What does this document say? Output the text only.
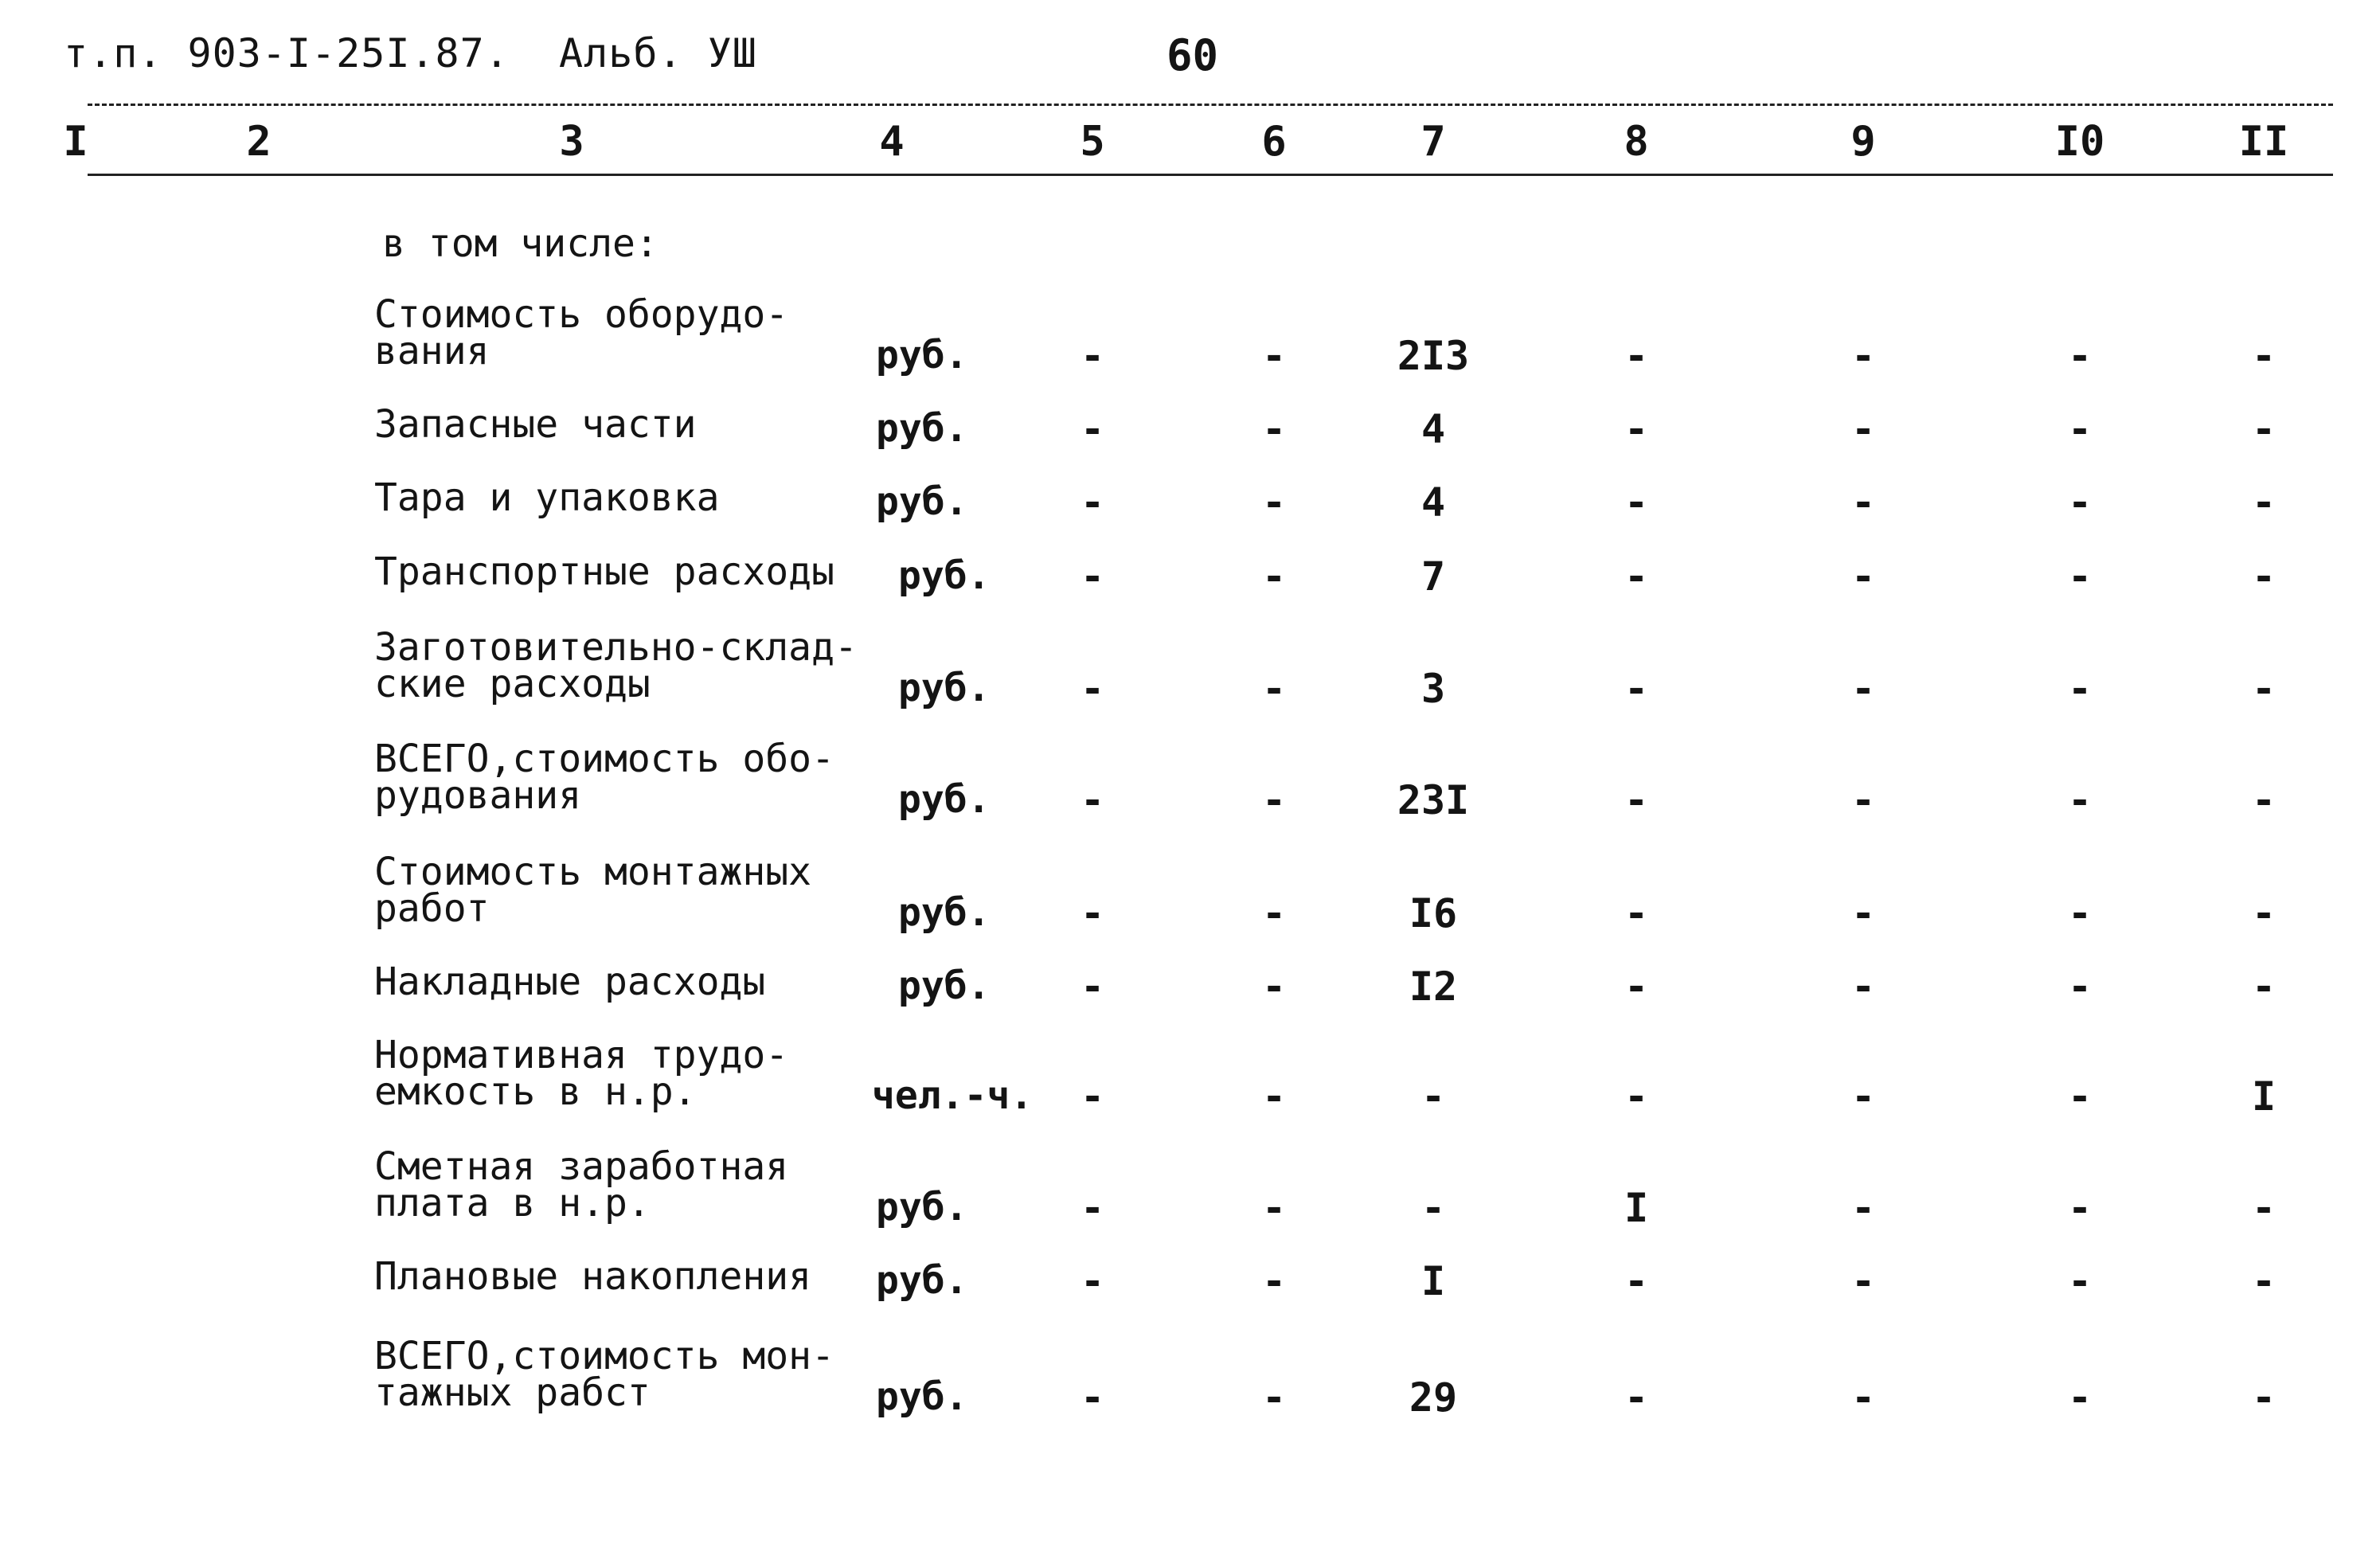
т.п. 903-I-25I.87.  Альб. УШ	60
I	2	3	4	5	6	7	8	9	I0	II
в том числе:
Стоимость оборудо-
вания	руб.	-	-	2I3	-	-	-	-
Запасные части	руб.	-	-	4	-	-	-	-
Тара и упаковка	руб.	-	-	4	-	-	-	-
Транспортные расходы	руб.	-	-	7	-	-	-	-
Заготовительно-склад-
ские расходы	руб.	-	-	3	-	-	-	-
ВСЕГО,стоимость обо-
рудования	руб.	-	-	23I	-	-	-	-
Стоимость монтажных
работ	руб.	-	-	I6	-	-	-	-
Накладные расходы	руб.	-	-	I2	-	-	-	-
Нормативная трудо-
емкость в н.р.	чел.-ч.	-	-	-	-	-	-	I
Сметная заработная
плата в н.р.	руб.	-	-	-	I	-	-	-
Плановые накопления	руб.	-	-	I	-	-	-	-
ВСЕГО,стоимость мон-
тажных рабст	руб.	-	-	29	-	-	-	-
